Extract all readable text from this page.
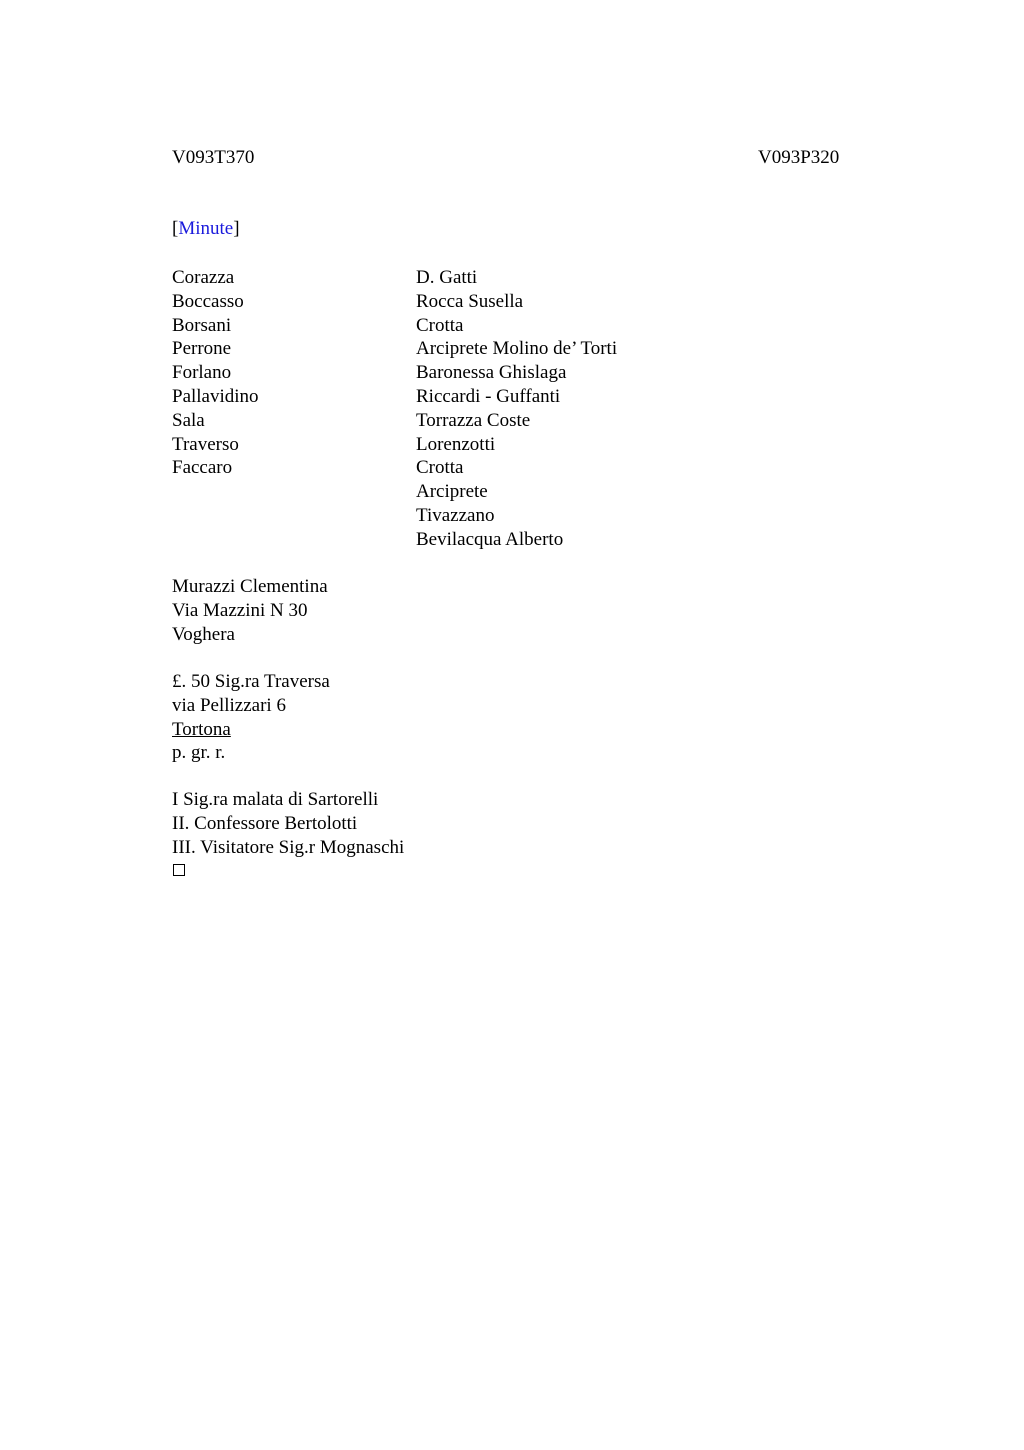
V093T370	V093P320
[Minute]
Corazza
Boccasso
Borsani
Perrone
Forlano
Pallavidino
Sala
Traverso
Faccaro
D. Gatti
Rocca Susella
Crotta
Arciprete Molino de’ Torti
Baronessa Ghislaga
Riccardi - Guffanti
Torrazza Coste
Lorenzotti
Crotta
Arciprete
Tivazzano
Bevilacqua Alberto
Murazzi Clementina
Via Mazzini N 30
Voghera
£. 50 Sig.ra Traversa
via Pellizzari 6
Tortona
p. gr. r.
I Sig.ra malata di Sartorelli
II. Confessore Bertolotti
III. Visitatore Sig.r Mognaschi
